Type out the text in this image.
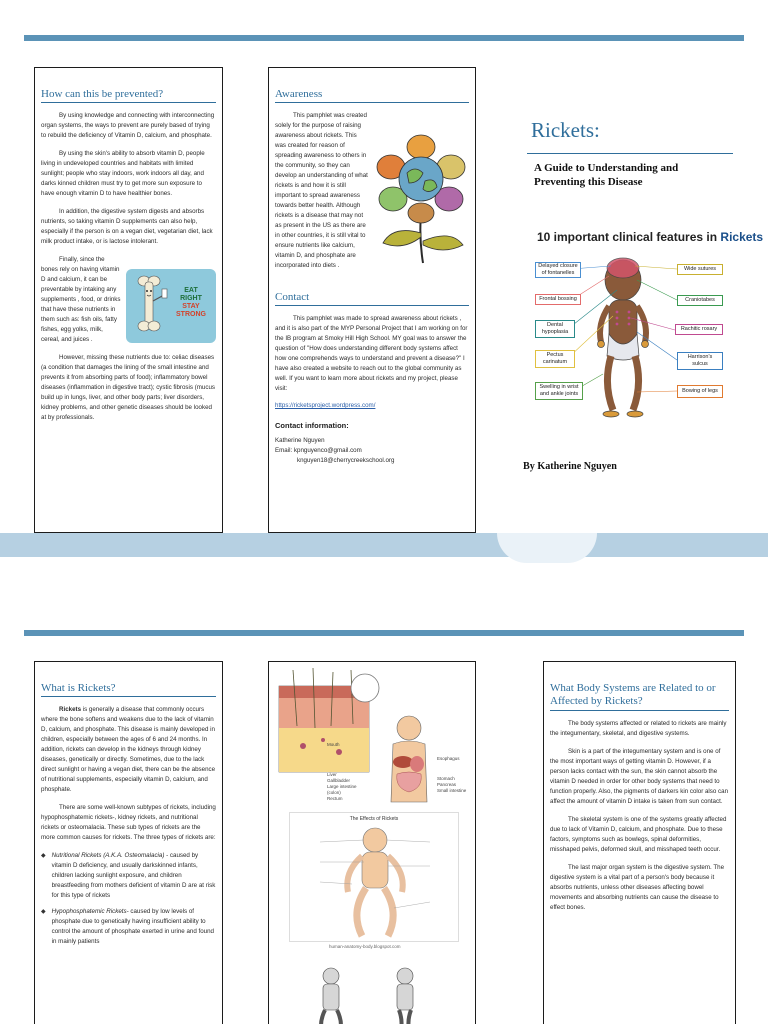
How can this be prevented?

By using knowledge and connecting with interconnecting organ systems, the ways to prevent are purely based of trying to rebuild the deficiency of Vitamin D, calcium, and phosphate.

By using the skin's ability to absorb vitamin D, people living in undeveloped countries and habitats with limited sunlight; people who stay indoors, work indoors all day, and darks kinned children must try to get more sun exposure to have enough vitamin D to have healthier bones.

In addition, the digestive system digests and absorbs nutrients, so taking vitamin D supplements can also help, especially if the person is on a vegan diet, vegetarian diet, lack milk product intake, or is lactose intolerant.

EAT
RIGHT
STAY
STRONG

Finally, since the bones rely on having vitamin D and calcium, it can be preventable by intaking any supplements , food, or drinks that have these nutrients in them such as: fish oils, fatty fishes, egg yolks, milk, cereal, and juices .

However, missing these nutrients due to: celiac diseases (a condition that damages the lining of the small intestine and prevents it from absorbing parts of food); inflammatory bowel diseases (inflammation in digestive tract); cystic fibrosis (mucus build up in lungs, liver, and other body parts; liver disorders, kidney problems, and other genetic diseases should be looked at by professionals.

Awareness

This pamphlet was created solely for the purpose of raising awareness about rickets. This was created for reason of spreading awareness to others in the community, so they can develop an understanding of what rickets is and how it is still important to spread awareness towards better health. Although rickets is a disease that may not as present in the US as there are in other countries, it is still vital to ensure nutrients like calcium, vitamin D, and phosphate are incorporated into diets .

Contact

This pamphlet was made to spread awareness about rickets , and it is also part of the MYP Personal Project that I am working on for the IB program at Smoky Hill High School. MY goal was to answer the question of "How does understanding different body systems affect how one comprehends ways to understand and prevent a disease?" I have also created a website to reach out to the global community as well. If you want to learn more about rickets and my project, please visit:

https://ricketsproject.wordpress.com/
Contact information:
Katherine Nguyen
Email: kpnguyenco@gmail.com
knguyen18@cherrycreekschool.org
Rickets:
A Guide to Understanding and Preventing this Disease
10 important clinical features in Rickets
Delayed closure of fontanelles
Frontal bossing
Dental hypoplasia
Pectus carinatum
Swelling in wrist and ankle joints
Wide sutures
Craniotabes
Rachitic rosary
Harrison's sulcus
Bowing of legs
By Katherine Nguyen
What is Rickets?

Rickets is generally a disease that commonly occurs where the bone softens and weakens due to the lack of vitamin D, calcium, and phosphate. This disease is mainly developed in children, especially between the ages of 6 and 24 months. In addition, rickets can develop in the kidneys through kidney diseases, genetically or directly. Sometimes, due to the lack direct sunlight or having a vegan diet, there can be the absence of nutritional supplements, especially vitamin D, calcium, and phosphate.

There are some well-known subtypes of rickets, including hypophosphatemic rickets-, kidney rickets, and nutritional rickets or osteomalacia. These sub types of rickets are the more common causes for rickets. The three types of rickets are:

◆ Nutritional Rickets (A.K.A. Osteomalacia) - caused by vitamin D deficiency, and usually darkskinned infants, children lacking sunlight exposure, and children breastfeeding from mothers deficient of vitamin D are at risk for this type of rickets
◆ Hypophosphatemic Rickets- caused by low levels of phosphate due to genetically having insufficient ability to control the amount of phosphate exerted in urine and found in mainly patients
Mouth
Liver
Gallbladder
Large intestine (colon)
Rectum
Esophagus
Stomach
Pancreas
Small intestine
The Effects of Rickets
human-anatomy-body.blogspot.com
What Body Systems are Related to or Affected by Rickets?

The body systems affected or related to rickets are mainly the integumentary, skeletal, and digestive systems.

Skin is a part of the integumentary system and is one of the most important ways of getting vitamin D. However, if a person lacks contact with the sun, the skin cannot absorb the vitamin D needed in order for other body systems that need to function properly. Also, the pigments of darkers kin color also can affect the amount of vitamin D intake is taken from sun contact.

The skeletal system is one of the systems greatly affected due to lack of Vitamin D, calcium, and phosphate. Due to these factors, symptoms such as bowlegs, spinal deformities, misshaped pelvis, deformed skull, and misshaped teeth occur.

The last major organ system is the digestive system. The digestive system is a vital part of a person's body because it absorbs nutrients, unless other diseases affecting bowel movements and absorbing nutrients can cause the disease to effect bones.
